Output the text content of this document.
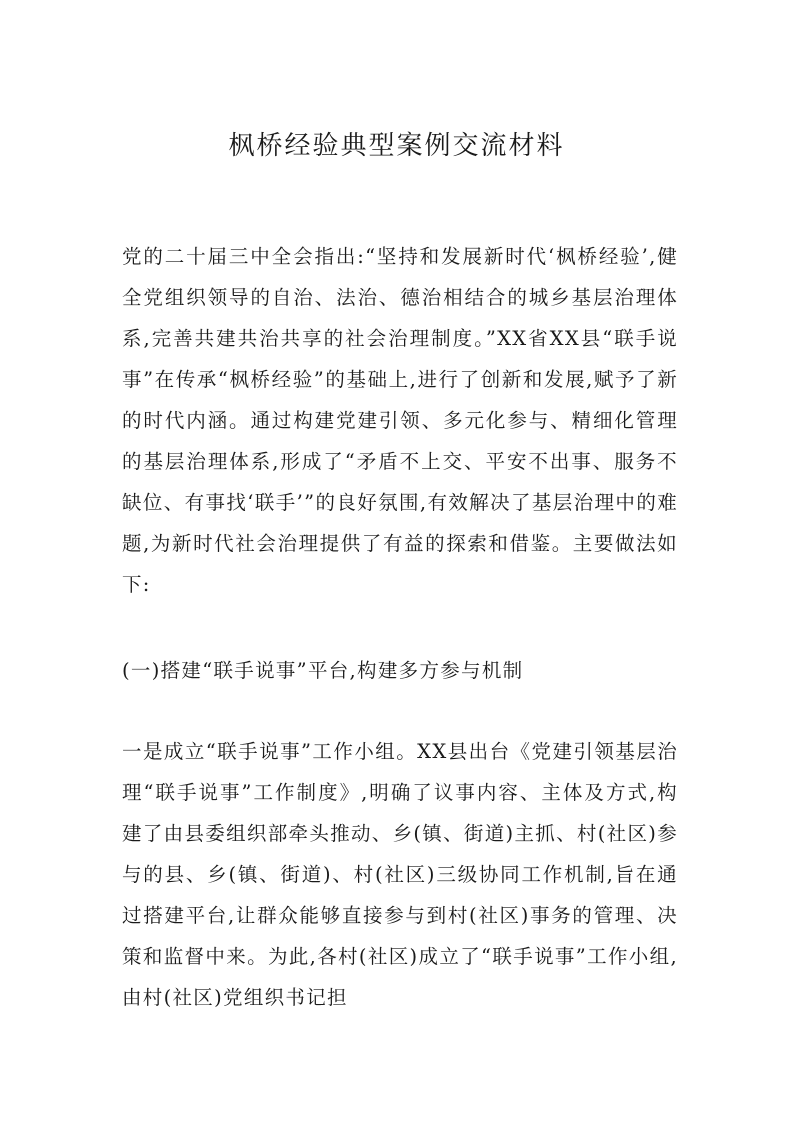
枫桥经验典型案例交流材料

党的二十届三中全会指出:“坚持和发展新时代‘枫桥经验’,健全党组织领导的自治、法治、德治相结合的城乡基层治理体系,完善共建共治共享的社会治理制度。”XX省XX县“联手说事”在传承“枫桥经验”的基础上,进行了创新和发展,赋予了新的时代内涵。通过构建党建引领、多元化参与、精细化管理的基层治理体系,形成了“矛盾不上交、平安不出事、服务不缺位、有事找‘联手’”的良好氛围,有效解决了基层治理中的难题,为新时代社会治理提供了有益的探索和借鉴。主要做法如下:

(一)搭建“联手说事”平台,构建多方参与机制

一是成立“联手说事”工作小组。XX县出台《党建引领基层治理“联手说事”工作制度》,明确了议事内容、主体及方式,构建了由县委组织部牵头推动、乡(镇、街道)主抓、村(社区)参与的县、乡(镇、街道)、村(社区)三级协同工作机制,旨在通过搭建平台,让群众能够直接参与到村(社区)事务的管理、决策和监督中来。为此,各村(社区)成立了“联手说事”工作小组,由村(社区)党组织书记担
